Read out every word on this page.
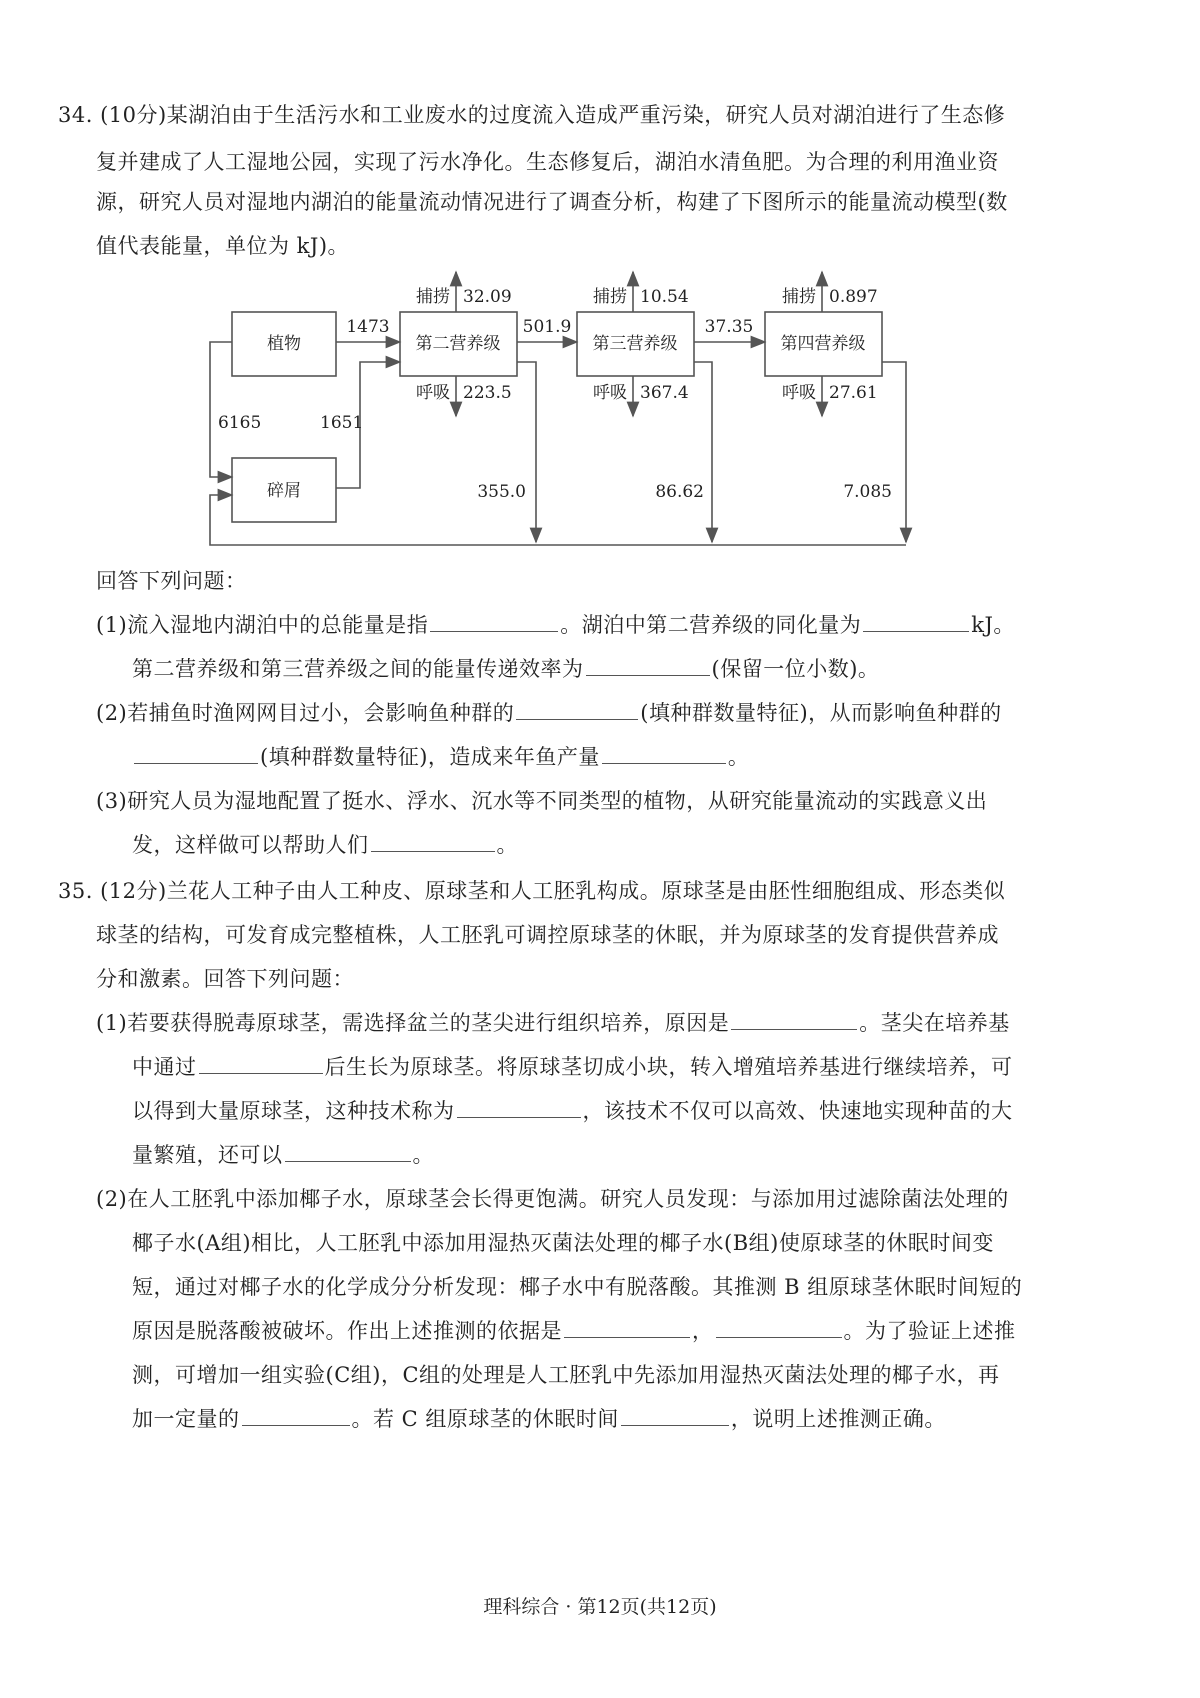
34. (10分)某湖泊由于生活污水和工业废水的过度流入造成严重污染，研究人员对湖泊进行了生态修
复并建成了人工湿地公园，实现了污水净化。生态修复后，湖泊水清鱼肥。为合理的利用渔业资
源，研究人员对湿地内湖泊的能量流动情况进行了调查分析，构建了下图所示的能量流动模型(数
值代表能量，单位为 kJ)。
植物
碎屑
第二营养级	第三营养级	第四营养级
1473	501.9	37.35
6165	1651
捕捞 32.09	捕捞 10.54	捕捞 0.897
呼吸 223.5	呼吸 367.4	呼吸 27.61
355.0	86.62	7.085
回答下列问题：
(1)流入湿地内湖泊中的总能量是指	。湖泊中第二营养级的同化量为	kJ。
第二营养级和第三营养级之间的能量传递效率为	(保留一位小数)。
(2)若捕鱼时渔网网目过小，会影响鱼种群的	(填种群数量特征)，从而影响鱼种群的
(填种群数量特征)，造成来年鱼产量	。
(3)研究人员为湿地配置了挺水、浮水、沉水等不同类型的植物，从研究能量流动的实践意义出
发，这样做可以帮助人们	。
35. (12分)兰花人工种子由人工种皮、原球茎和人工胚乳构成。原球茎是由胚性细胞组成、形态类似
球茎的结构，可发育成完整植株，人工胚乳可调控原球茎的休眠，并为原球茎的发育提供营养成
分和激素。回答下列问题：
(1)若要获得脱毒原球茎，需选择盆兰的茎尖进行组织培养，原因是	。茎尖在培养基
中通过	后生长为原球茎。将原球茎切成小块，转入增殖培养基进行继续培养，可
以得到大量原球茎，这种技术称为	，该技术不仅可以高效、快速地实现种苗的大
量繁殖，还可以	。
(2)在人工胚乳中添加椰子水，原球茎会长得更饱满。研究人员发现：与添加用过滤除菌法处理的
椰子水(A组)相比，人工胚乳中添加用湿热灭菌法处理的椰子水(B组)使原球茎的休眠时间变
短，通过对椰子水的化学成分分析发现：椰子水中有脱落酸。其推测 B 组原球茎休眠时间短的
原因是脱落酸被破坏。作出上述推测的依据是	，	。为了验证上述推
测，可增加一组实验(C组)，C组的处理是人工胚乳中先添加用湿热灭菌法处理的椰子水，再
加一定量的	。若 C 组原球茎的休眠时间	，说明上述推测正确。
理科综合 · 第12页(共12页)
